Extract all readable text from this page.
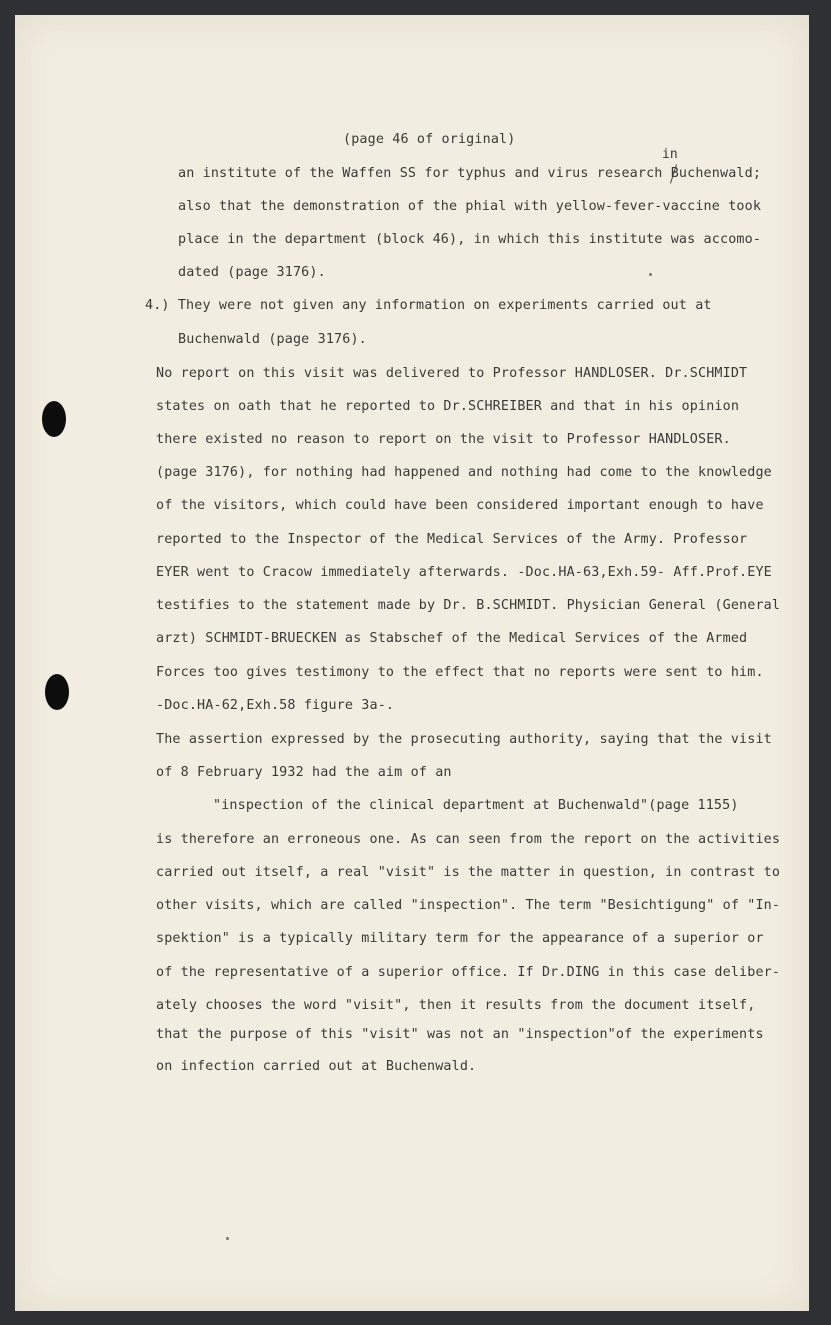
(page 46 of original)
in
an institute of the Waffen SS for typhus and virus research Buchenwald;
also that the demonstration of the phial with yellow-fever-vaccine took
place in the department (block 46), in which this institute was accomo-
dated (page 3176).
4.) They were not given any information on experiments carried out at
Buchenwald (page 3176).
No report on this visit was delivered to Professor HANDLOSER. Dr.SCHMIDT
states on oath that he reported to Dr.SCHREIBER and that in his opinion
there existed no reason to report on the visit to Professor HANDLOSER.
(page 3176), for nothing had happened and nothing had come to the knowledge
of the visitors, which could have been considered important enough to have
reported to the Inspector of the Medical Services of the Army. Professor
EYER went to Cracow immediately afterwards. -Doc.HA-63,Exh.59- Aff.Prof.EYE
testifies to the statement made by Dr. B.SCHMIDT. Physician General (General
arzt) SCHMIDT-BRUECKEN as Stabschef of the Medical Services of the Armed
Forces too gives testimony to the effect that no reports were sent to him.
-Doc.HA-62,Exh.58 figure 3a-.
The assertion expressed by the prosecuting authority, saying that the visit
of 8 February 1932 had the aim of an
"inspection of the clinical department at Buchenwald"(page 1155)
is therefore an erroneous one. As can seen from the report on the activities
carried out itself, a real "visit" is the matter in question, in contrast to
other visits, which are called "inspection". The term "Besichtigung" of "In-
spektion" is a typically military term for the appearance of a superior or
of the representative of a superior office. If Dr.DING in this case deliber-
ately chooses the word "visit", then it results from the document itself,
that the purpose of this "visit" was not an "inspection"of the experiments
on infection carried out at Buchenwald.
